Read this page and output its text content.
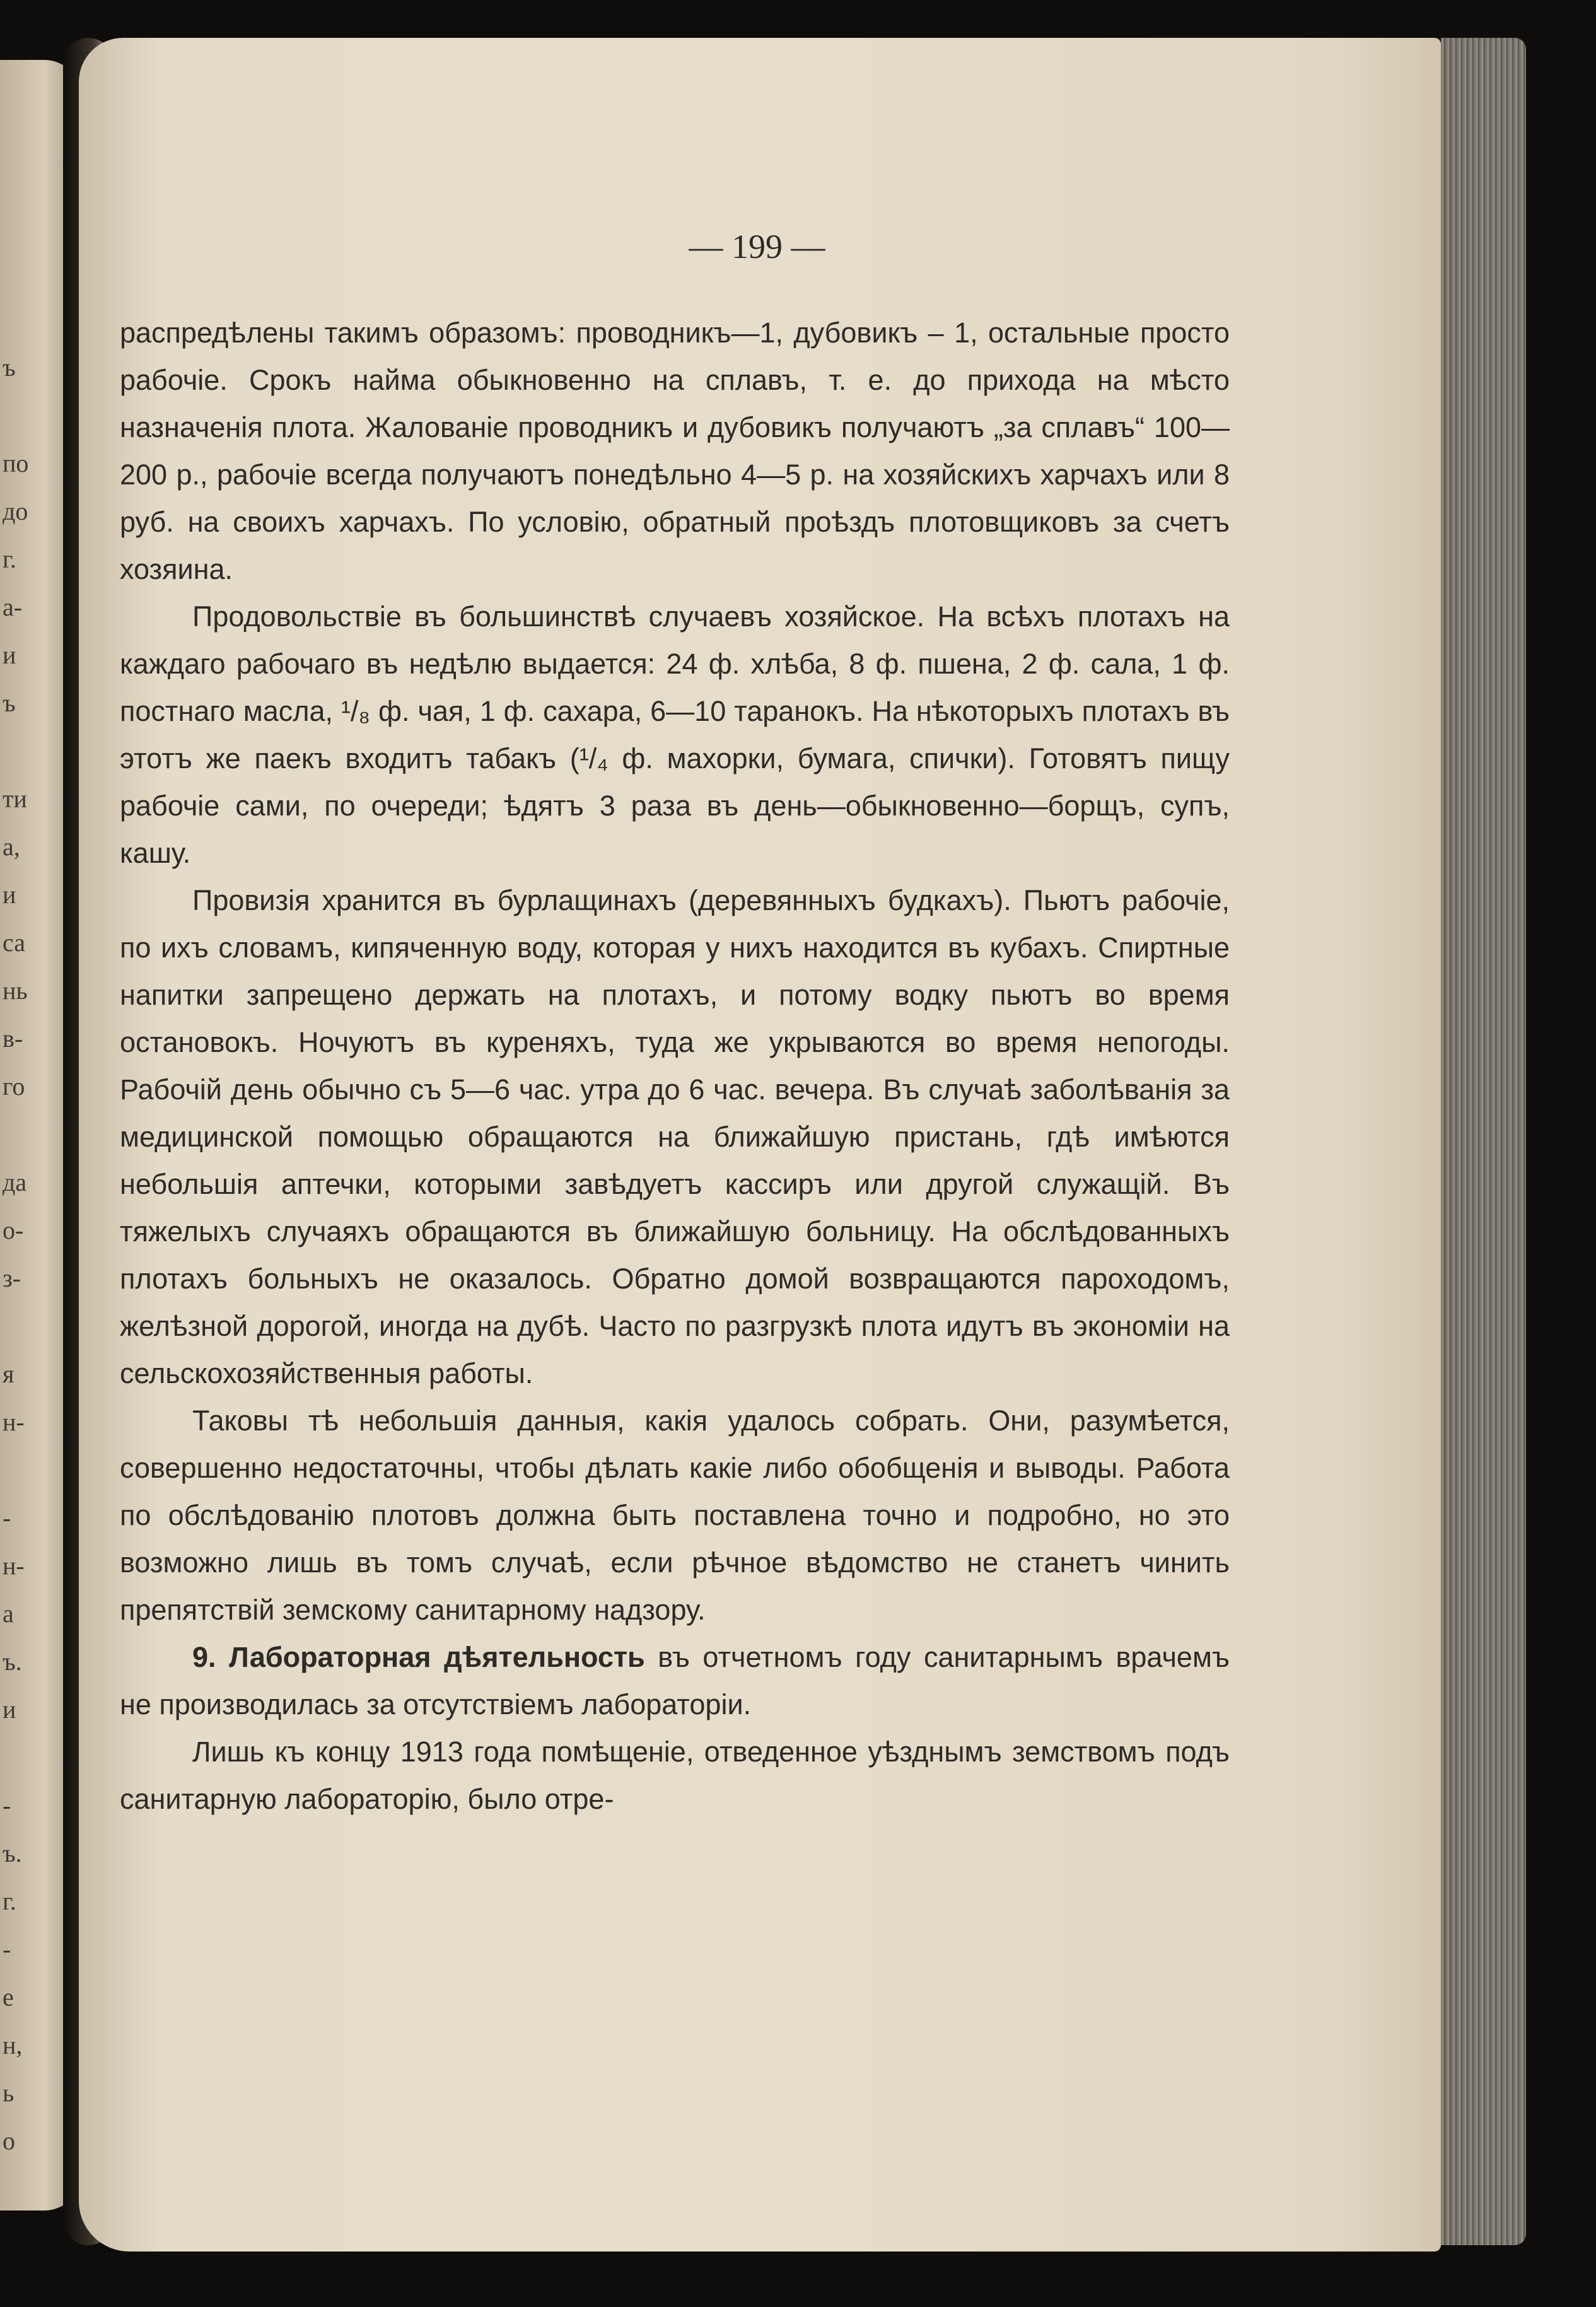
ъ
по
до
г.
а-
и
ъ
ти
а,
и
са
нь
в-
го
да
о-
з-
я
н-
-
н-
а
ъ.
и
-
ъ.
г.
-
е
н,
ь
о
— 199 —

распредѣлены такимъ образомъ: проводникъ—1, дубовикъ – 1, остальные просто рабочіе. Срокъ найма обыкновенно на сплавъ, т. е. до прихода на мѣсто назначенія плота. Жалованіе проводникъ и дубовикъ получаютъ „за сплавъ“ 100—200 р., рабочіе всегда получаютъ понедѣльно 4—5 р. на хозяйскихъ харчахъ или 8 руб. на своихъ харчахъ. По условію, обратный проѣздъ плотовщиковъ за счетъ хозяина.

Продовольствіе въ большинствѣ случаевъ хозяйское. На всѣхъ плотахъ на каждаго рабочаго въ недѣлю выдается: 24 ф. хлѣба, 8 ф. пшена, 2 ф. сала, 1 ф. постнаго масла, ¹/₈ ф. чая, 1 ф. сахара, 6—10 таранокъ. На нѣкоторыхъ плотахъ въ этотъ же паекъ входитъ табакъ (¹/₄ ф. махорки, бумага, спички). Готовятъ пищу рабочіе сами, по очереди; ѣдятъ 3 раза въ день—обыкновенно—борщъ, супъ, кашу.

Провизія хранится въ бурлащинахъ (деревянныхъ будкахъ). Пьютъ рабочіе, по ихъ словамъ, кипяченную воду, которая у нихъ находится въ кубахъ. Спиртные напитки запрещено держать на плотахъ, и потому водку пьютъ во время остановокъ. Ночуютъ въ куреняхъ, туда же укрываются во время непогоды. Рабочій день обычно съ 5—6 час. утра до 6 час. вечера. Въ случаѣ заболѣванія за медицинской помощью обращаются на ближайшую пристань, гдѣ имѣются небольшія аптечки, которыми завѣдуетъ кассиръ или другой служащій. Въ тяжелыхъ случаяхъ обращаются въ ближайшую больницу. На обслѣдованныхъ плотахъ больныхъ не оказалось. Обратно домой возвращаются пароходомъ, желѣзной дорогой, иногда на дубѣ. Часто по разгрузкѣ плота идутъ въ экономіи на сельскохозяйственныя работы.

Таковы тѣ небольшія данныя, какія удалось собрать. Они, разумѣется, совершенно недостаточны, чтобы дѣлать какіе либо обобщенія и выводы. Работа по обслѣдованію плотовъ должна быть поставлена точно и подробно, но это возможно лишь въ томъ случаѣ, если рѣчное вѣдомство не станетъ чинить препятствій земскому санитарному надзору.

9. Лабораторная дѣятельность въ отчетномъ году санитарнымъ врачемъ не производилась за отсутствіемъ лабораторіи.

Лишь къ концу 1913 года помѣщеніе, отведенное уѣзднымъ земствомъ подъ санитарную лабораторію, было отре-
